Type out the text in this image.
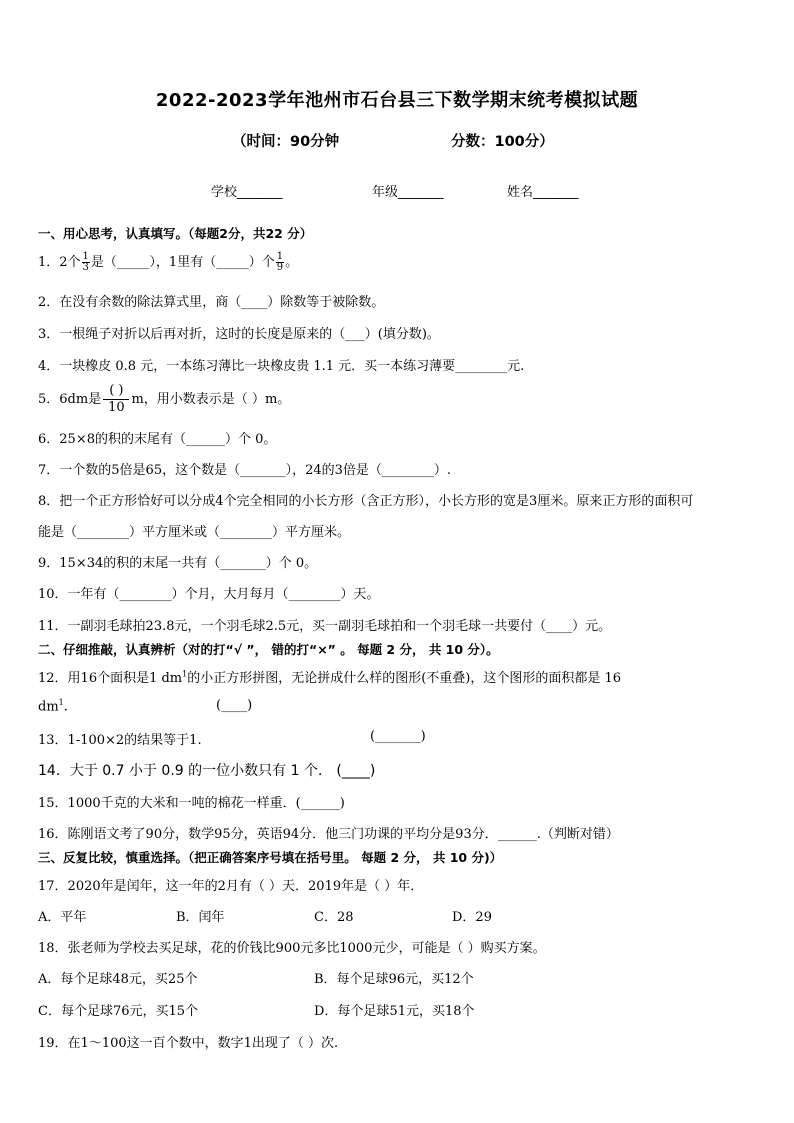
2022-2023学年池州市石台县三下数学期末统考模拟试题
（时间：90分钟	分数：100分）
学校_______	年级_______	姓名_______
一、用心思考，认真填写。（每题2分，共22 分）
1．2个 $\frac{1}{3}$ 是（_____），1里有（_____）个 $\frac{1}{9}$ 。
2．在没有余数的除法算式里，商（____）除数等于被除数。
3．一根绳子对折以后再对折，这时的长度是原来的（___）(填分数)。
4．一块橡皮 0.8 元，一本练习薄比一块橡皮贵 1.1 元．买一本练习薄要________元.
5．6dm是
( )
10
m，用小数表示是（ ）m。
6．25×8的积的末尾有（______）个 0。
7．一个数的5倍是65，这个数是（_______），24的3倍是（________）.
8．把一个正方形恰好可以分成4个完全相同的小长方形（含正方形），小长方形的宽是3厘米。原来正方形的面积可
能是（________）平方厘米或（________）平方厘米。
9．15×34的积的末尾一共有（_______）个 0。
10．一年有（________）个月，大月每月（________）天。
11．一副羽毛球拍23.8元，一个羽毛球2.5元，买一副羽毛球拍和一个羽毛球一共要付（____）元。
二、仔细推敲，认真辨析（对的打“√ ”， 错的打“×” 。 每题 2 分， 共 10 分）。
12．用16个面积是1 $dm^1$的小正方形拼图，无论拼成什么样的图形(不重叠)，这个图形的面积都是 16
$dm^1$.	(____)
13．1-100×2的结果等于1.	(_______)
14．大于 0.7 小于 0.9 的一位小数只有 1 个． (____)
15．1000千克的大米和一吨的棉花一样重．(______)
16．陈刚语文考了90分，数学95分，英语94分．他三门功课的平均分是93分．______.（判断对错）
三、反复比较，慎重选择。（把正确答案序号填在括号里。 每题 2 分， 共 10 分)）
17．2020年是闰年，这一年的2月有（ ）天．2019年是（ ）年．
A．平年	B．闰年	C．28	D．29
18．张老师为学校去买足球，花的价钱比900元多比1000元少，可能是（ ）购买方案。
A．每个足球48元，买25个	B．每个足球96元，买12个
C．每个足球76元，买15个	D．每个足球51元，买18个
19．在1～100这一百个数中，数字1出现了（ ）次.
